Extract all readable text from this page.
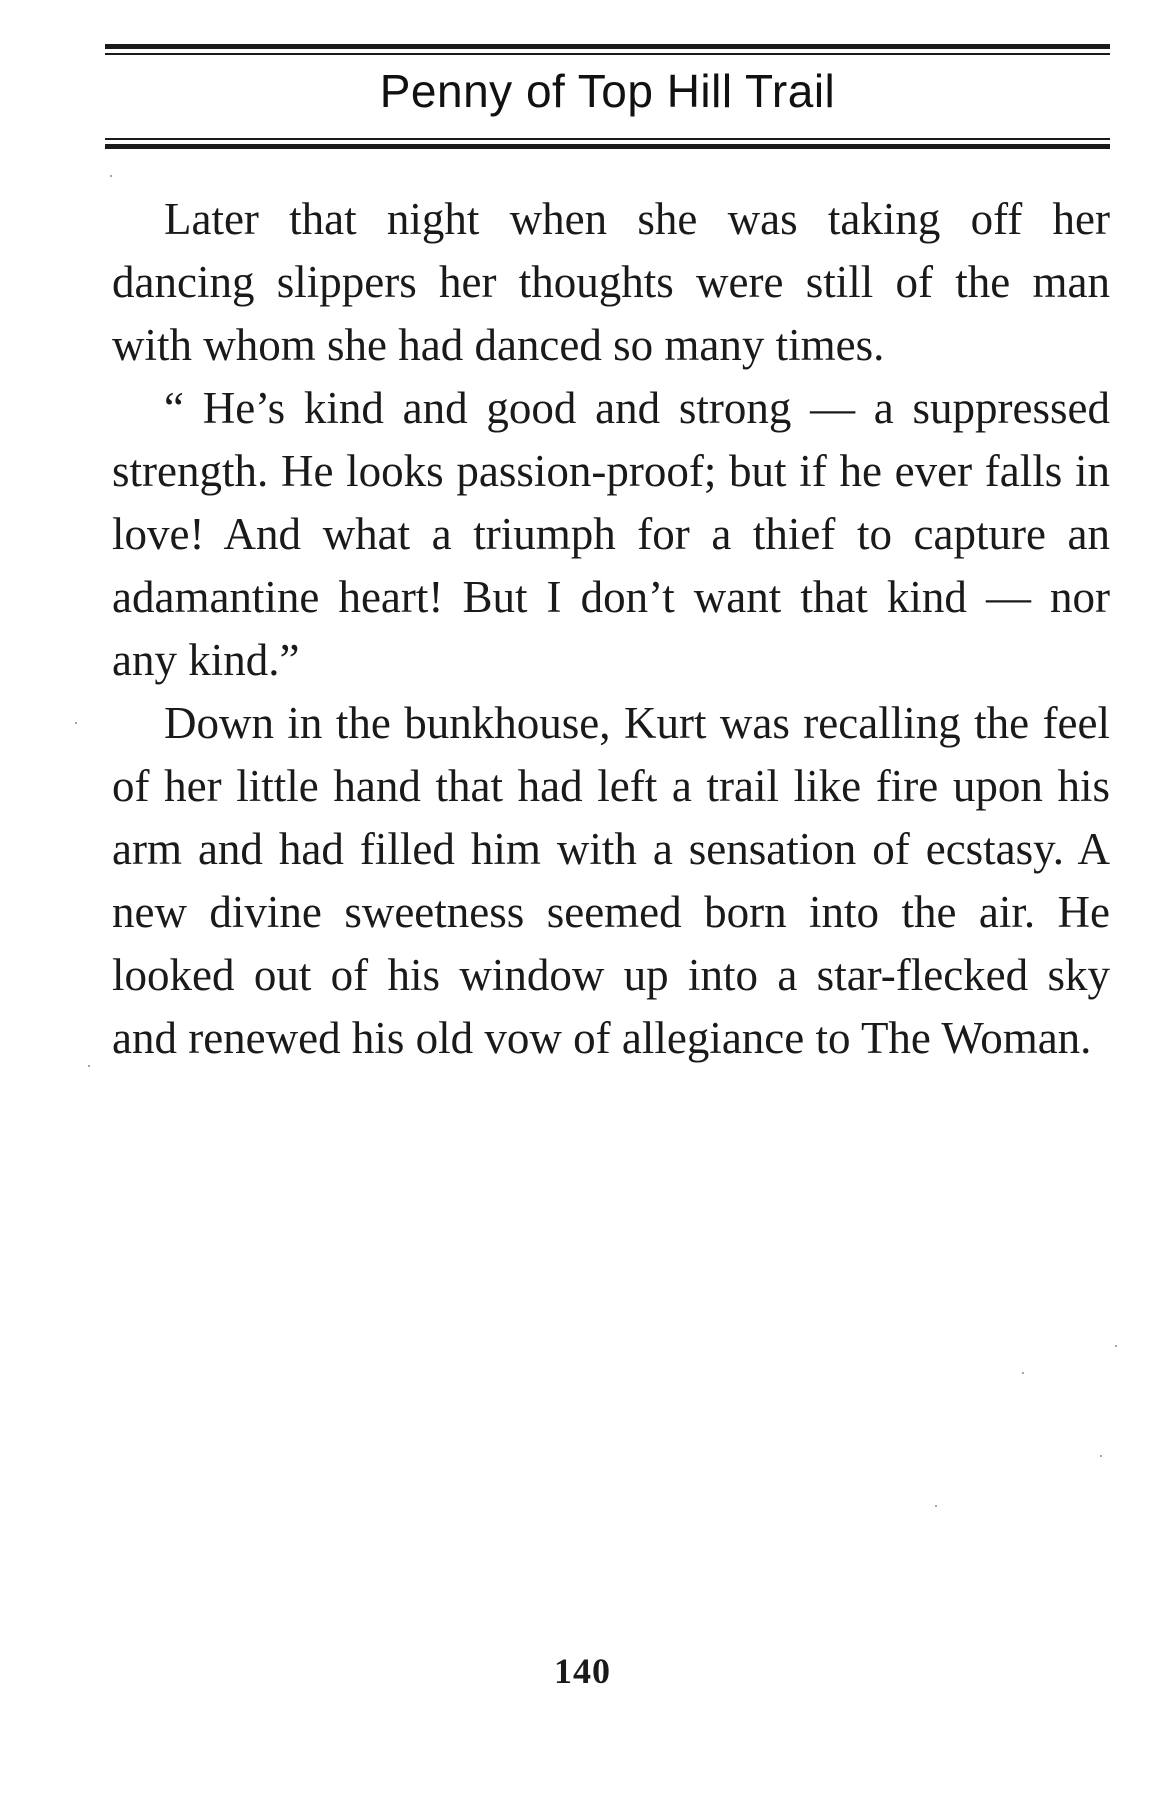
Penny of Top Hill Trail

Later that night when she was taking off her dancing slippers her thoughts were still of the man with whom she had danced so many times.

“ He’s kind and good and strong — a suppressed strength. He looks passion-proof; but if he ever falls in love! And what a triumph for a thief to capture an adamantine heart! But I don’t want that kind — nor any kind.”

Down in the bunkhouse, Kurt was recalling the feel of her little hand that had left a trail like fire upon his arm and had filled him with a sensation of ecstasy. A new divine sweetness seemed born into the air. He looked out of his window up into a star-flecked sky and renewed his old vow of allegiance to The Woman.

140
